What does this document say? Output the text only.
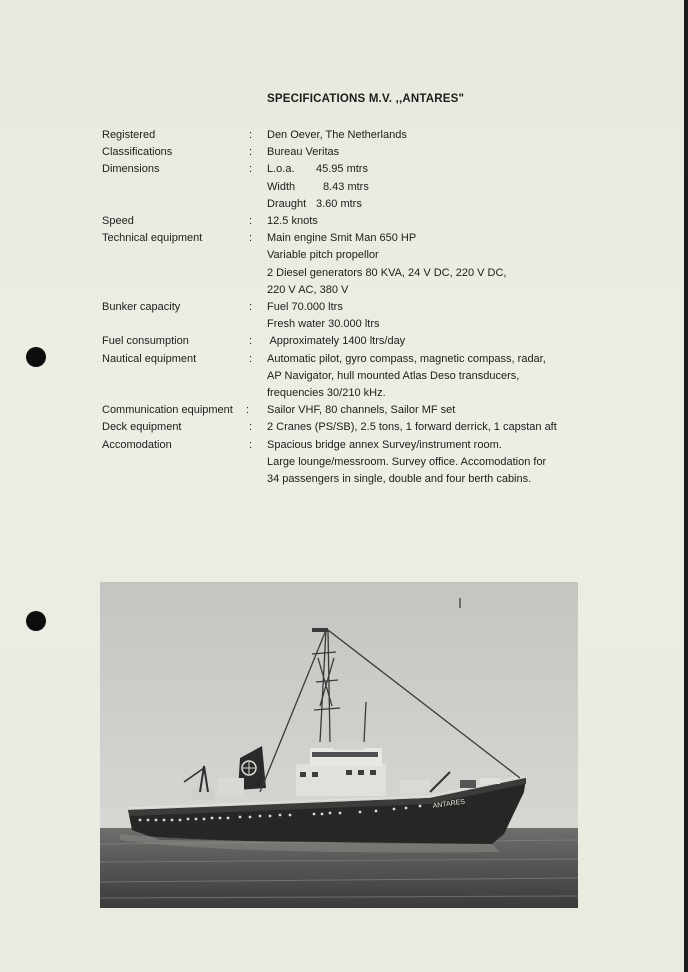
SPECIFICATIONS M.V. ,,ANTARES"
Registered	:	Den Oever, The Netherlands
Classifications	:	Bureau Veritas
Dimensions	:	L.o.a.	45.95 mtrs
Width	8.43 mtrs
Draught 3.60 mtrs
Speed	:	12.5 knots
Technical equipment	:	Main engine Smit Man 650 HP
Variable pitch propellor
2 Diesel generators 80 KVA, 24 V DC, 220 V DC,
220 V AC, 380 V
Bunker capacity	:	Fuel 70.000 ltrs
Fresh water 30.000 ltrs
Fuel consumption	:	Approximately 1400 ltrs/day
Nautical equipment	:	Automatic pilot, gyro compass, magnetic compass, radar,
AP Navigator, hull mounted Atlas Deso transducers,
frequencies 30/210 kHz.
Communication equipment	:	Sailor VHF, 80 channels, Sailor MF set
Deck equipment	:	2 Cranes (PS/SB), 2.5 tons, 1 forward derrick, 1 capstan aft
Accomodation	:	Spacious bridge annex Survey/instrument room.
Large lounge/messroom. Survey office. Accomodation for
34 passengers in single, double and four berth cabins.
ANTARES
